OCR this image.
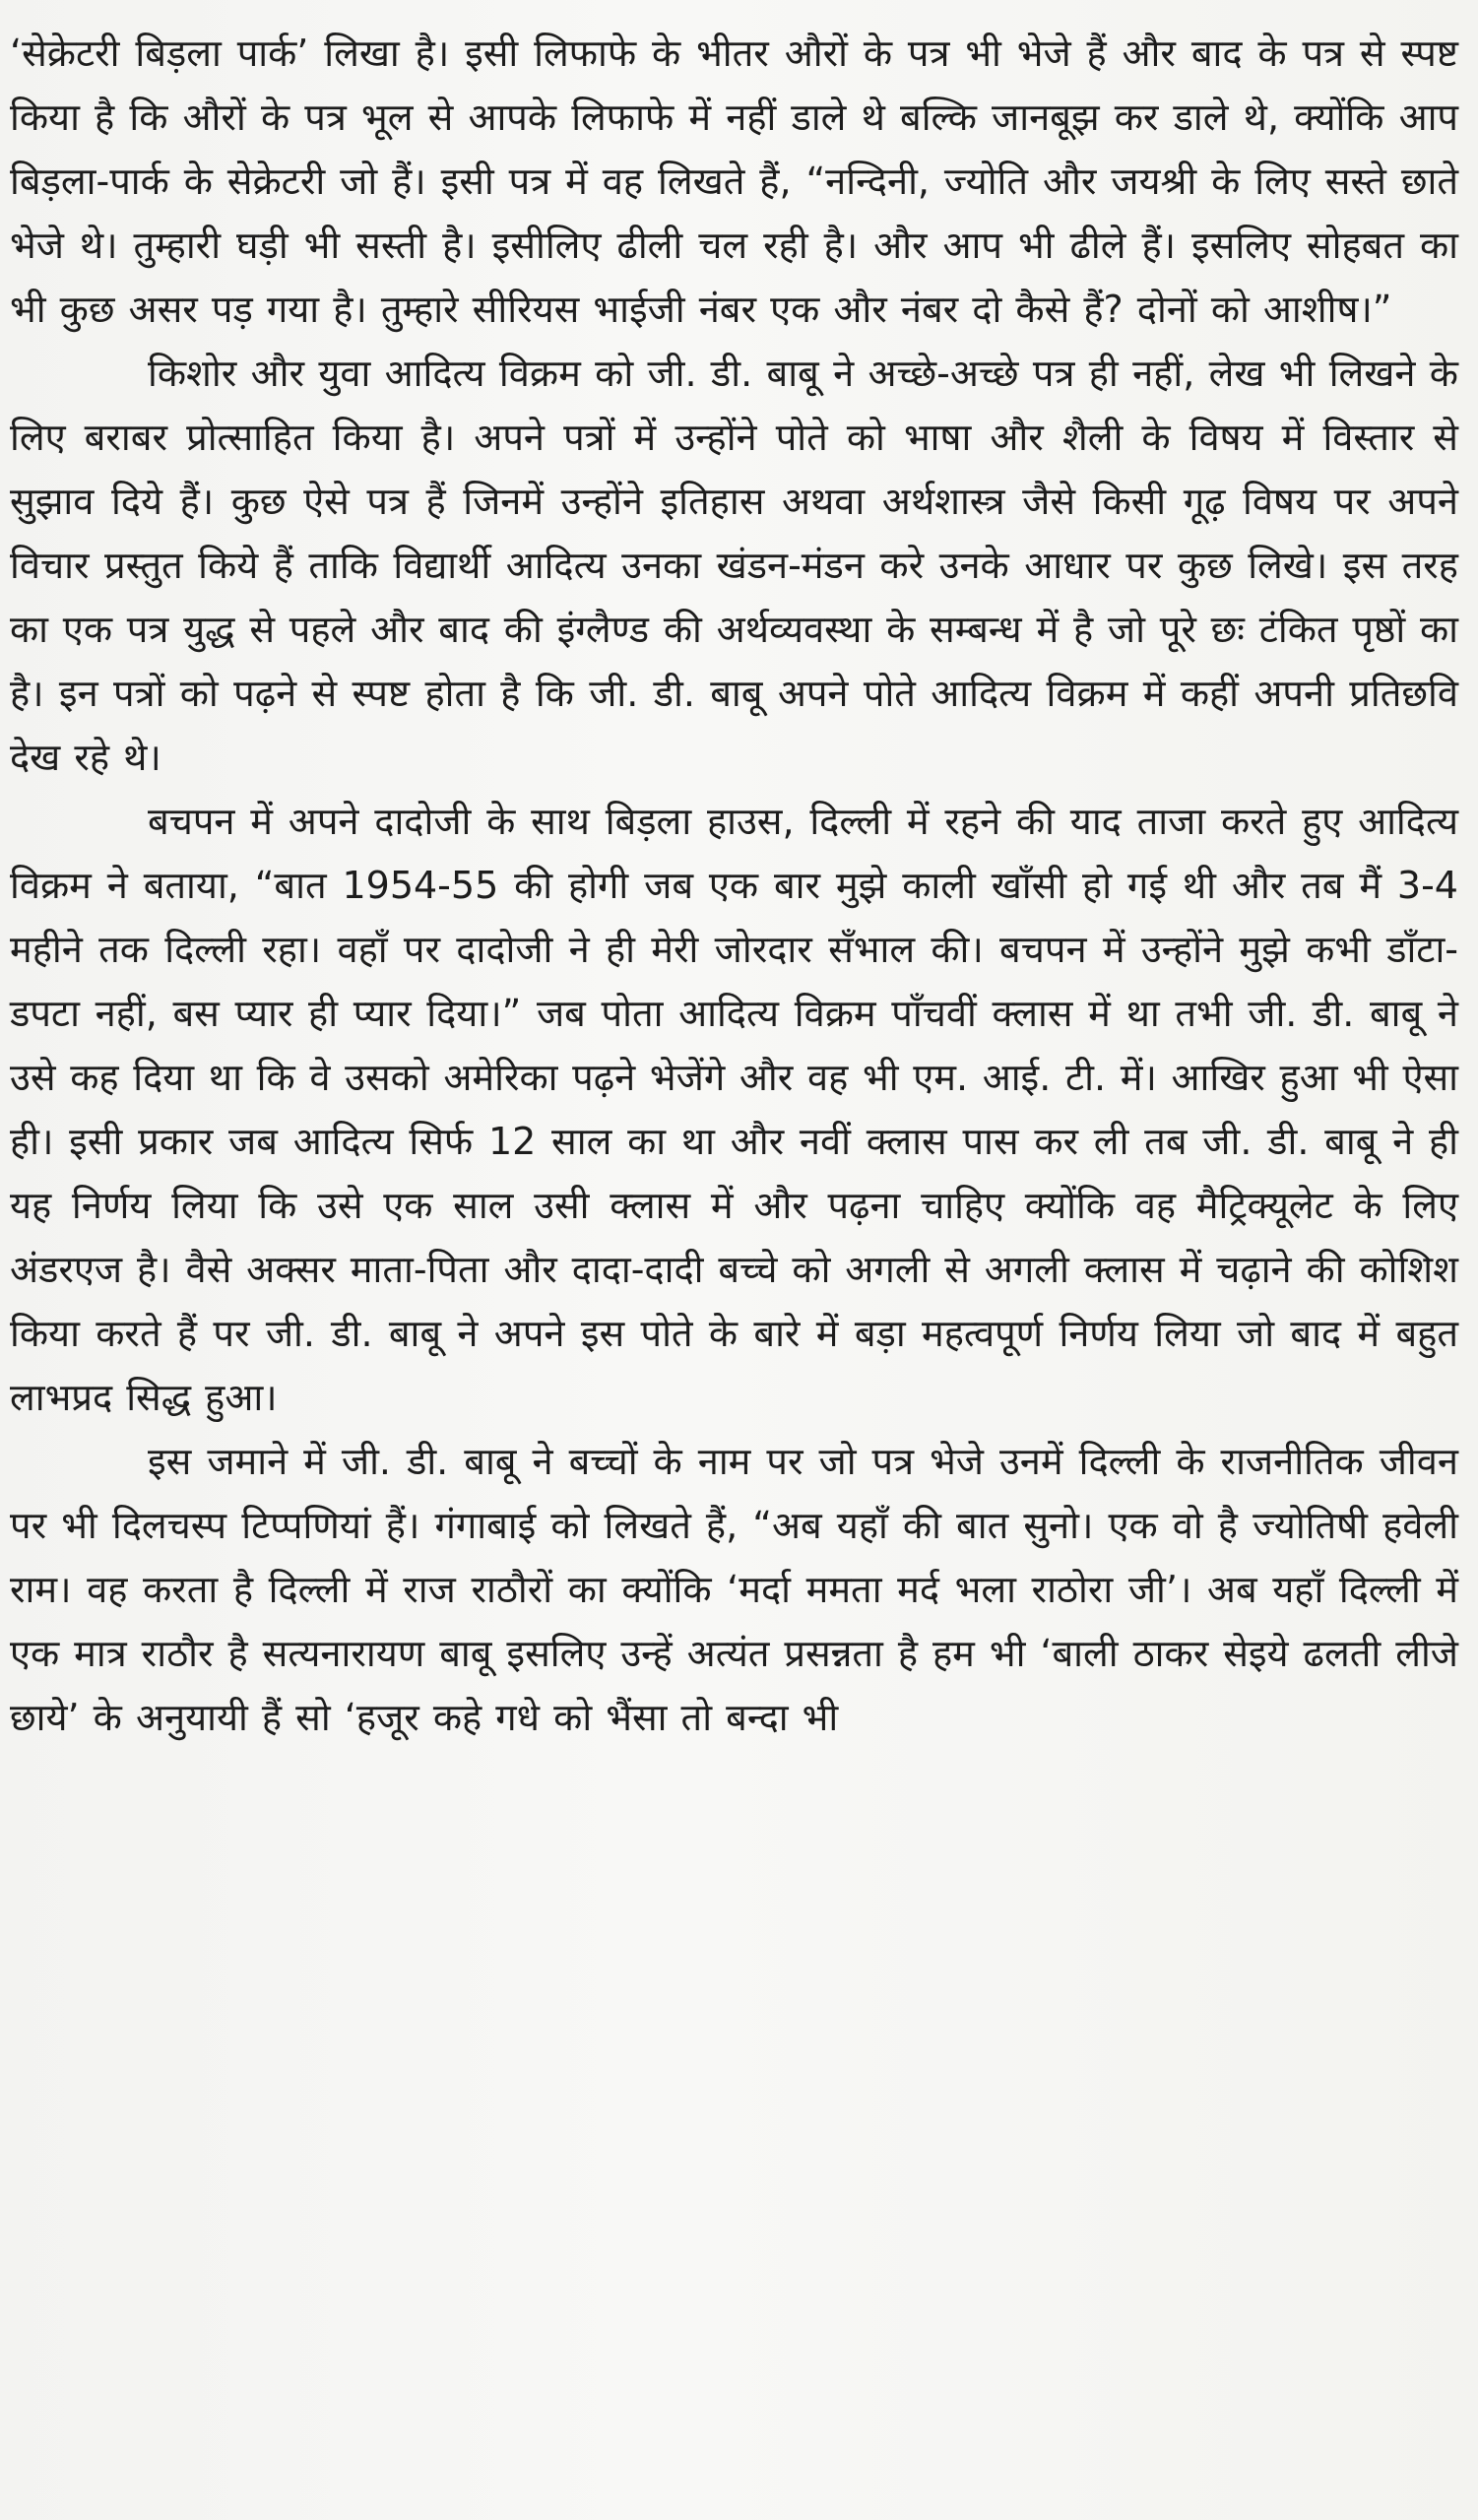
‘सेक्रेटरी बिड़ला पार्क’ लिखा है। इसी लिफाफे के भीतर औरों के पत्र भी भेजे हैं और बाद के पत्र से स्पष्ट किया है कि औरों के पत्र भूल से आपके लिफाफे में नहीं डाले थे बल्कि जानबूझ कर डाले थे, क्योंकि आप बिड़ला-पार्क के सेक्रेटरी जो हैं। इसी पत्र में वह लिखते हैं, “नन्दिनी, ज्योति और जयश्री के लिए सस्ते छाते भेजे थे। तुम्हारी घड़ी भी सस्ती है। इसीलिए ढीली चल रही है। और आप भी ढीले हैं। इसलिए सोहबत का भी कुछ असर पड़ गया है। तुम्हारे सीरियस भाईजी नंबर एक और नंबर दो कैसे हैं? दोनों को आशीष।”

किशोर और युवा आदित्य विक्रम को जी. डी. बाबू ने अच्छे-अच्छे पत्र ही नहीं, लेख भी लिखने के लिए बराबर प्रोत्साहित किया है। अपने पत्रों में उन्होंने पोते को भाषा और शैली के विषय में विस्तार से सुझाव दिये हैं। कुछ ऐसे पत्र हैं जिनमें उन्होंने इतिहास अथवा अर्थशास्त्र जैसे किसी गूढ़ विषय पर अपने विचार प्रस्तुत किये हैं ताकि विद्यार्थी आदित्य उनका खंडन-मंडन करे उनके आधार पर कुछ लिखे। इस तरह का एक पत्र युद्ध से पहले और बाद की इंग्लैण्ड की अर्थव्यवस्था के सम्बन्ध में है जो पूरे छः टंकित पृष्ठों का है। इन पत्रों को पढ़ने से स्पष्ट होता है कि जी. डी. बाबू अपने पोते आदित्य विक्रम में कहीं अपनी प्रतिछवि देख रहे थे।

बचपन में अपने दादोजी के साथ बिड़ला हाउस, दिल्ली में रहने की याद ताजा करते हुए आदित्य विक्रम ने बताया, “बात 1954-55 की होगी जब एक बार मुझे काली खाँसी हो गई थी और तब मैं 3-4 महीने तक दिल्ली रहा। वहाँ पर दादोजी ने ही मेरी जोरदार सँभाल की। बचपन में उन्होंने मुझे कभी डाँटा-डपटा नहीं, बस प्यार ही प्यार दिया।” जब पोता आदित्य विक्रम पाँचवीं क्लास में था तभी जी. डी. बाबू ने उसे कह दिया था कि वे उसको अमेरिका पढ़ने भेजेंगे और वह भी एम. आई. टी. में। आखिर हुआ भी ऐसा ही। इसी प्रकार जब आदित्य सिर्फ 12 साल का था और नवीं क्लास पास कर ली तब जी. डी. बाबू ने ही यह निर्णय लिया कि उसे एक साल उसी क्लास में और पढ़ना चाहिए क्योंकि वह मैट्रिक्यूलेट के लिए अंडरएज है। वैसे अक्सर माता-पिता और दादा-दादी बच्चे को अगली से अगली क्लास में चढ़ाने की कोशिश किया करते हैं पर जी. डी. बाबू ने अपने इस पोते के बारे में बड़ा महत्वपूर्ण निर्णय लिया जो बाद में बहुत लाभप्रद सिद्ध हुआ।

इस जमाने में जी. डी. बाबू ने बच्चों के नाम पर जो पत्र भेजे उनमें दिल्ली के राजनीतिक जीवन पर भी दिलचस्प टिप्पणियां हैं। गंगाबाई को लिखते हैं, “अब यहाँ की बात सुनो। एक वो है ज्योतिषी हवेली राम। वह करता है दिल्ली में राज राठौरों का क्योंकि ‘मर्दा ममता मर्द भला राठोरा जी’। अब यहाँ दिल्ली में एक मात्र राठौर है सत्यनारायण बाबू इसलिए उन्हें अत्यंत प्रसन्नता है हम भी ‘बाली ठाकर सेइये ढलती लीजे छाये’ के अनुयायी हैं सो ‘हजूर कहे गधे को भैंसा तो बन्दा भी
